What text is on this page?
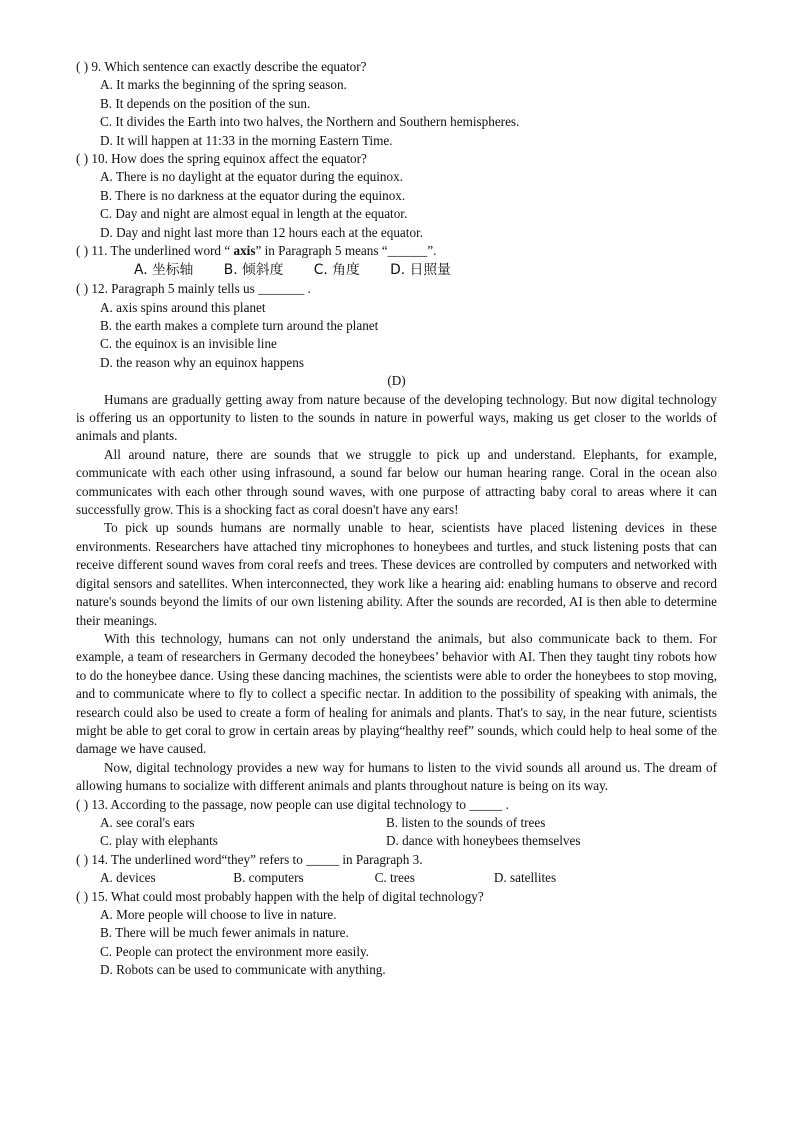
( ) 9. Which sentence can exactly describe the equator?
A. It marks the beginning of the spring season.
B. It depends on the position of the sun.
C. It divides the Earth into two halves, the Northern and Southern hemispheres.
D. It will happen at 11:33 in the morning Eastern Time.
( ) 10. How does the spring equinox affect the equator?
A. There is no daylight at the equator during the equinox.
B. There is no darkness at the equator during the equinox.
C. Day and night are almost equal in length at the equator.
D. Day and night last more than 12 hours each at the equator.
( ) 11. The underlined word “ axis” in Paragraph 5 means “______”.
A. 坐标轴 B. 倾斜度 C. 角度 D. 日照量
( ) 12. Paragraph 5 mainly tells us _______ .
A. axis spins around this planet
B. the earth makes a complete turn around the planet
C. the equinox is an invisible line
D. the reason why an equinox happens
(D)
Humans are gradually getting away from nature because of the developing technology. But now digital technology is offering us an opportunity to listen to the sounds in nature in powerful ways, making us get closer to the worlds of animals and plants.
All around nature, there are sounds that we struggle to pick up and understand. Elephants, for example, communicate with each other using infrasound, a sound far below our human hearing range. Coral in the ocean also communicates with each other through sound waves, with one purpose of attracting baby coral to areas where it can successfully grow. This is a shocking fact as coral doesn't have any ears!
To pick up sounds humans are normally unable to hear, scientists have placed listening devices in these environments. Researchers have attached tiny microphones to honeybees and turtles, and stuck listening posts that can receive different sound waves from coral reefs and trees. These devices are controlled by computers and networked with digital sensors and satellites. When interconnected, they work like a hearing aid: enabling humans to observe and record nature's sounds beyond the limits of our own listening ability. After the sounds are recorded, AI is then able to determine their meanings.
With this technology, humans can not only understand the animals, but also communicate back to them. For example, a team of researchers in Germany decoded the honeybees’ behavior with AI. Then they taught tiny robots how to do the honeybee dance. Using these dancing machines, the scientists were able to order the honeybees to stop moving, and to communicate where to fly to collect a specific nectar. In addition to the possibility of speaking with animals, the research could also be used to create a form of healing for animals and plants. That's to say, in the near future, scientists might be able to get coral to grow in certain areas by playing“healthy reef” sounds, which could help to heal some of the damage we have caused.
Now, digital technology provides a new way for humans to listen to the vivid sounds all around us. The dream of allowing humans to socialize with different animals and plants throughout nature is being on its way.
( ) 13. According to the passage, now people can use digital technology to _____ .
A. see coral's ears	B. listen to the sounds of trees
C. play with elephants	D. dance with honeybees themselves
( ) 14. The underlined word“they” refers to _____ in Paragraph 3.
A. devices	B. computers	C. trees	D. satellites
( ) 15. What could most probably happen with the help of digital technology?
A. More people will choose to live in nature.
B. There will be much fewer animals in nature.
C. People can protect the environment more easily.
D. Robots can be used to communicate with anything.
